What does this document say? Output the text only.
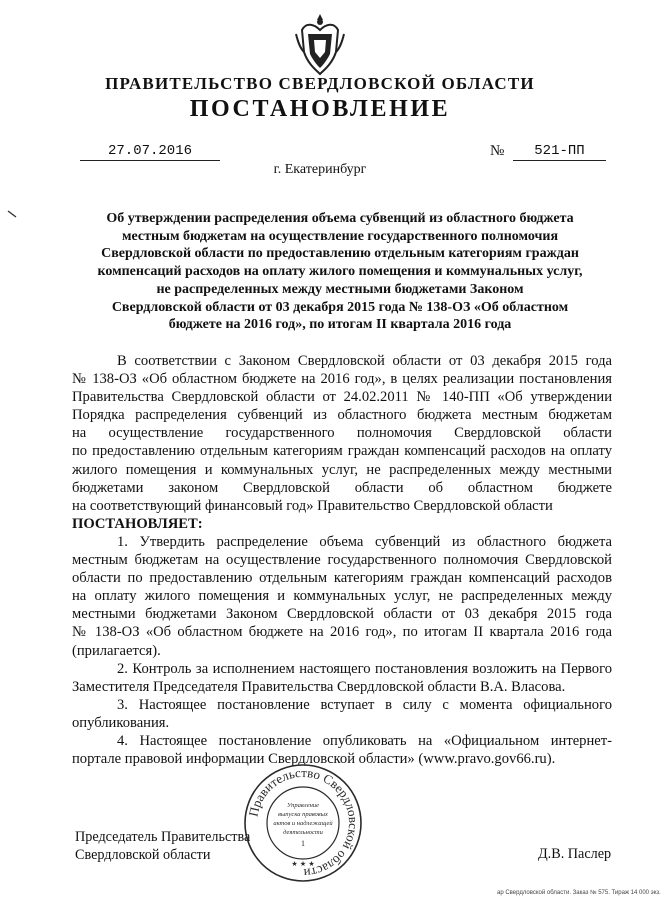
ПРАВИТЕЛЬСТВО СВЕРДЛОВСКОЙ ОБЛАСТИ
ПОСТАНОВЛЕНИЕ
27.07.2016	№	521-ПП
г. Екатеринбург
Об утверждении распределения объема субвенций из областного бюджета
местным бюджетам на осуществление государственного полномочия
Свердловской области по предоставлению отдельным категориям граждан
компенсаций расходов на оплату жилого помещения и коммунальных услуг,
не распределенных между местными бюджетами Законом
Свердловской области от 03 декабря 2015 года № 138-ОЗ «Об областном
бюджете на 2016 год», по итогам II квартала 2016 года
В соответствии с Законом Свердловской области от 03 декабря 2015 года
№ 138-ОЗ «Об областном бюджете на 2016 год», в целях реализации постановления
Правительства Свердловской области от 24.02.2011 № 140-ПП «Об утверждении
Порядка распределения субвенций из областного бюджета местным бюджетам
на осуществление государственного полномочия Свердловской области
по предоставлению отдельным категориям граждан компенсаций расходов на оплату
жилого помещения и коммунальных услуг, не распределенных между местными
бюджетами законом Свердловской области об областном бюджете
на соответствующий финансовый год» Правительство Свердловской области
ПОСТАНОВЛЯЕТ:
1. Утвердить распределение объема субвенций из областного бюджета
местным бюджетам на осуществление государственного полномочия Свердловской
области по предоставлению отдельным категориям граждан компенсаций расходов
на оплату жилого помещения и коммунальных услуг, не распределенных между
местными бюджетами Законом Свердловской области от 03 декабря 2015 года
№ 138-ОЗ «Об областном бюджете на 2016 год», по итогам II квартала 2016 года
(прилагается).
2. Контроль за исполнением настоящего постановления возложить на Первого
Заместителя Председателя Правительства Свердловской области В.А. Власова.
3. Настоящее постановление вступает в силу с момента официального
опубликования.
4. Настоящее постановление опубликовать на «Официальном интернет-
портале правовой информации Свердловской области» (www.pravo.gov66.ru).
Председатель Правительства
Свердловской области	Д.В. Паслер
Правительство Свердловской области
Управление
выпуска правовых
актов и надлежащей
деятельности
1
★ ★ ★
ар Свердловской области. Заказ № 575. Тираж 14 000 экз.
